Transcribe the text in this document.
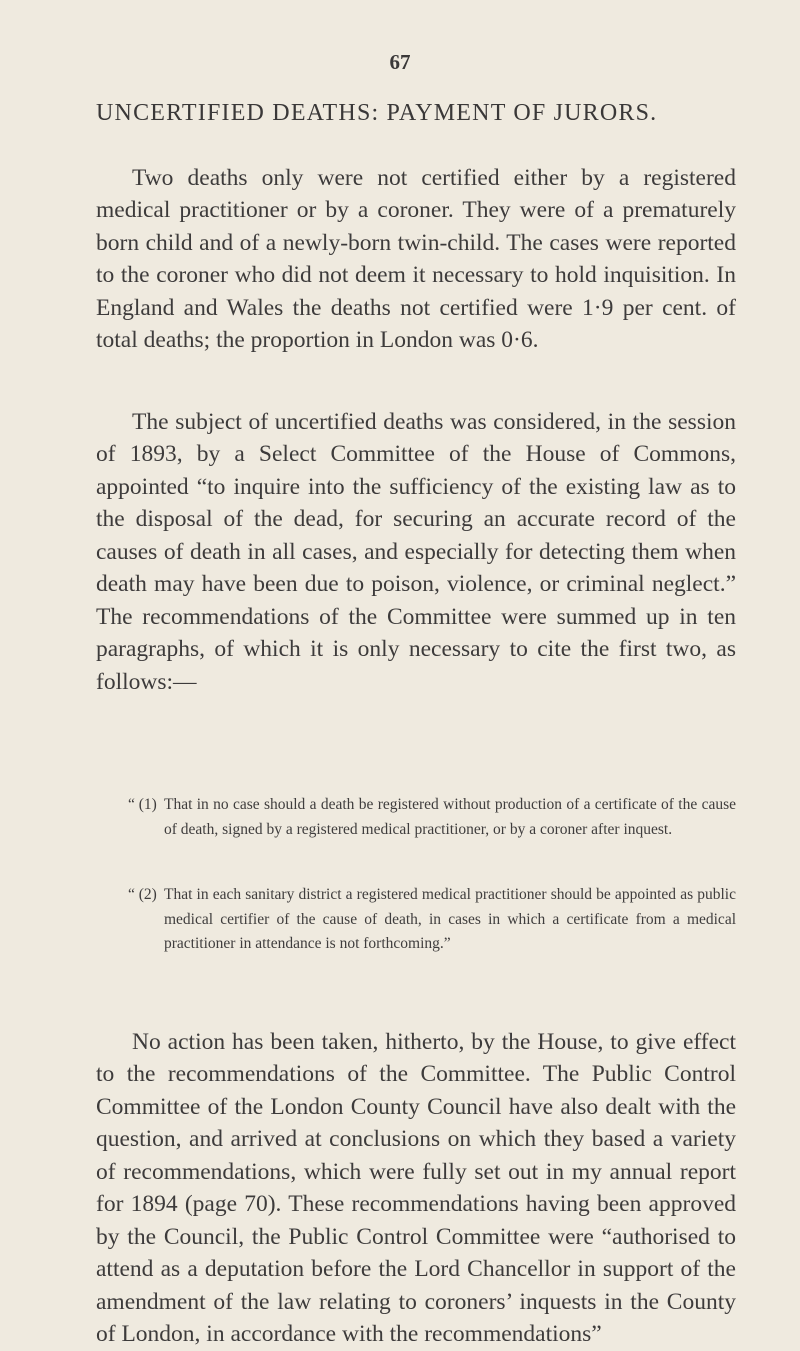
67
UNCERTIFIED DEATHS: PAYMENT OF JURORS.

Two deaths only were not certified either by a registered medical practitioner or by a coroner. They were of a prematurely born child and of a newly-born twin-child. The cases were reported to the coroner who did not deem it necessary to hold inquisition. In England and Wales the deaths not certified were 1·9 per cent. of total deaths; the proportion in London was 0·6.

The subject of uncertified deaths was considered, in the session of 1893, by a Select Committee of the House of Commons, appointed “to inquire into the sufficiency of the existing law as to the disposal of the dead, for securing an accurate record of the causes of death in all cases, and especially for detecting them when death may have been due to poison, violence, or criminal neglect.” The recommendations of the Committee were summed up in ten paragraphs, of which it is only necessary to cite the first two, as follows:—

“ (1) That in no case should a death be registered without production of a certificate of the cause of death, signed by a registered medical practitioner, or by a coroner after inquest.
“ (2) That in each sanitary district a registered medical practitioner should be appointed as public medical certifier of the cause of death, in cases in which a certificate from a medical practitioner in attendance is not forthcoming.”

No action has been taken, hitherto, by the House, to give effect to the recommendations of the Committee. The Public Control Committee of the London County Council have also dealt with the question, and arrived at conclusions on which they based a variety of recommendations, which were fully set out in my annual report for 1894 (page 70). These recommendations having been approved by the Council, the Public Control Committee were “authorised to attend as a deputation before the Lord Chancellor in support of the amendment of the law relating to coroners’ inquests in the County of London, in accordance with the recommendations”
